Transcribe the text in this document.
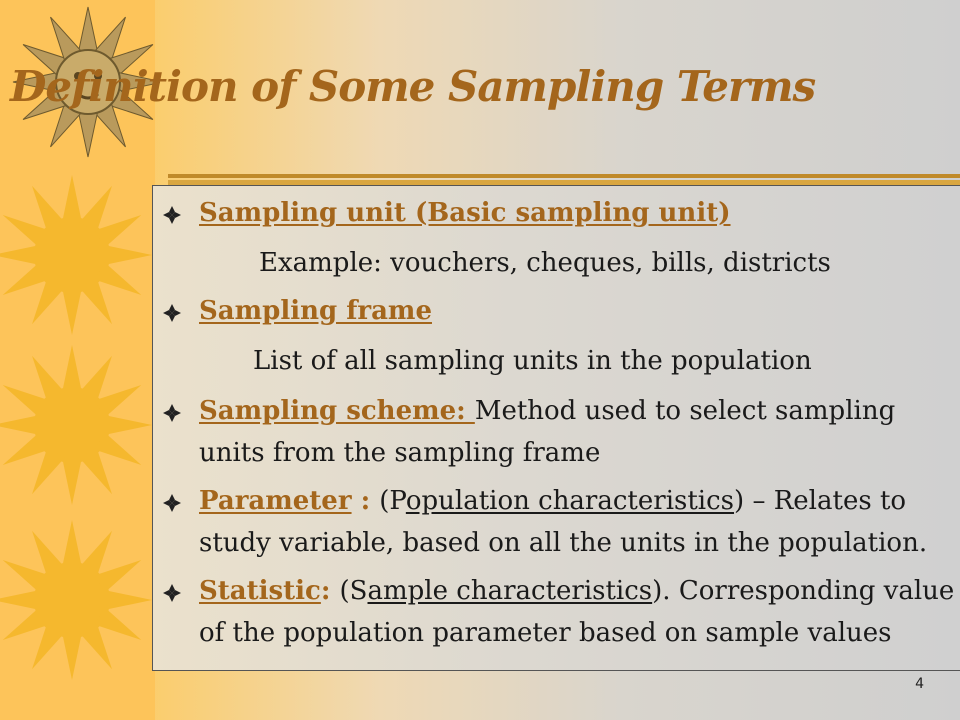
Definition of Some Sampling Terms
Sampling unit (Basic sampling unit)
Example: vouchers, cheques, bills, districts
Sampling frame
List of all sampling units in the population
Sampling scheme: Method used to select sampling
units from the sampling frame
Parameter : (Population characteristics) – Relates to
study variable, based on all the units in the population.
Statistic: (Sample characteristics). Corresponding value
of the population parameter based on sample values
4
